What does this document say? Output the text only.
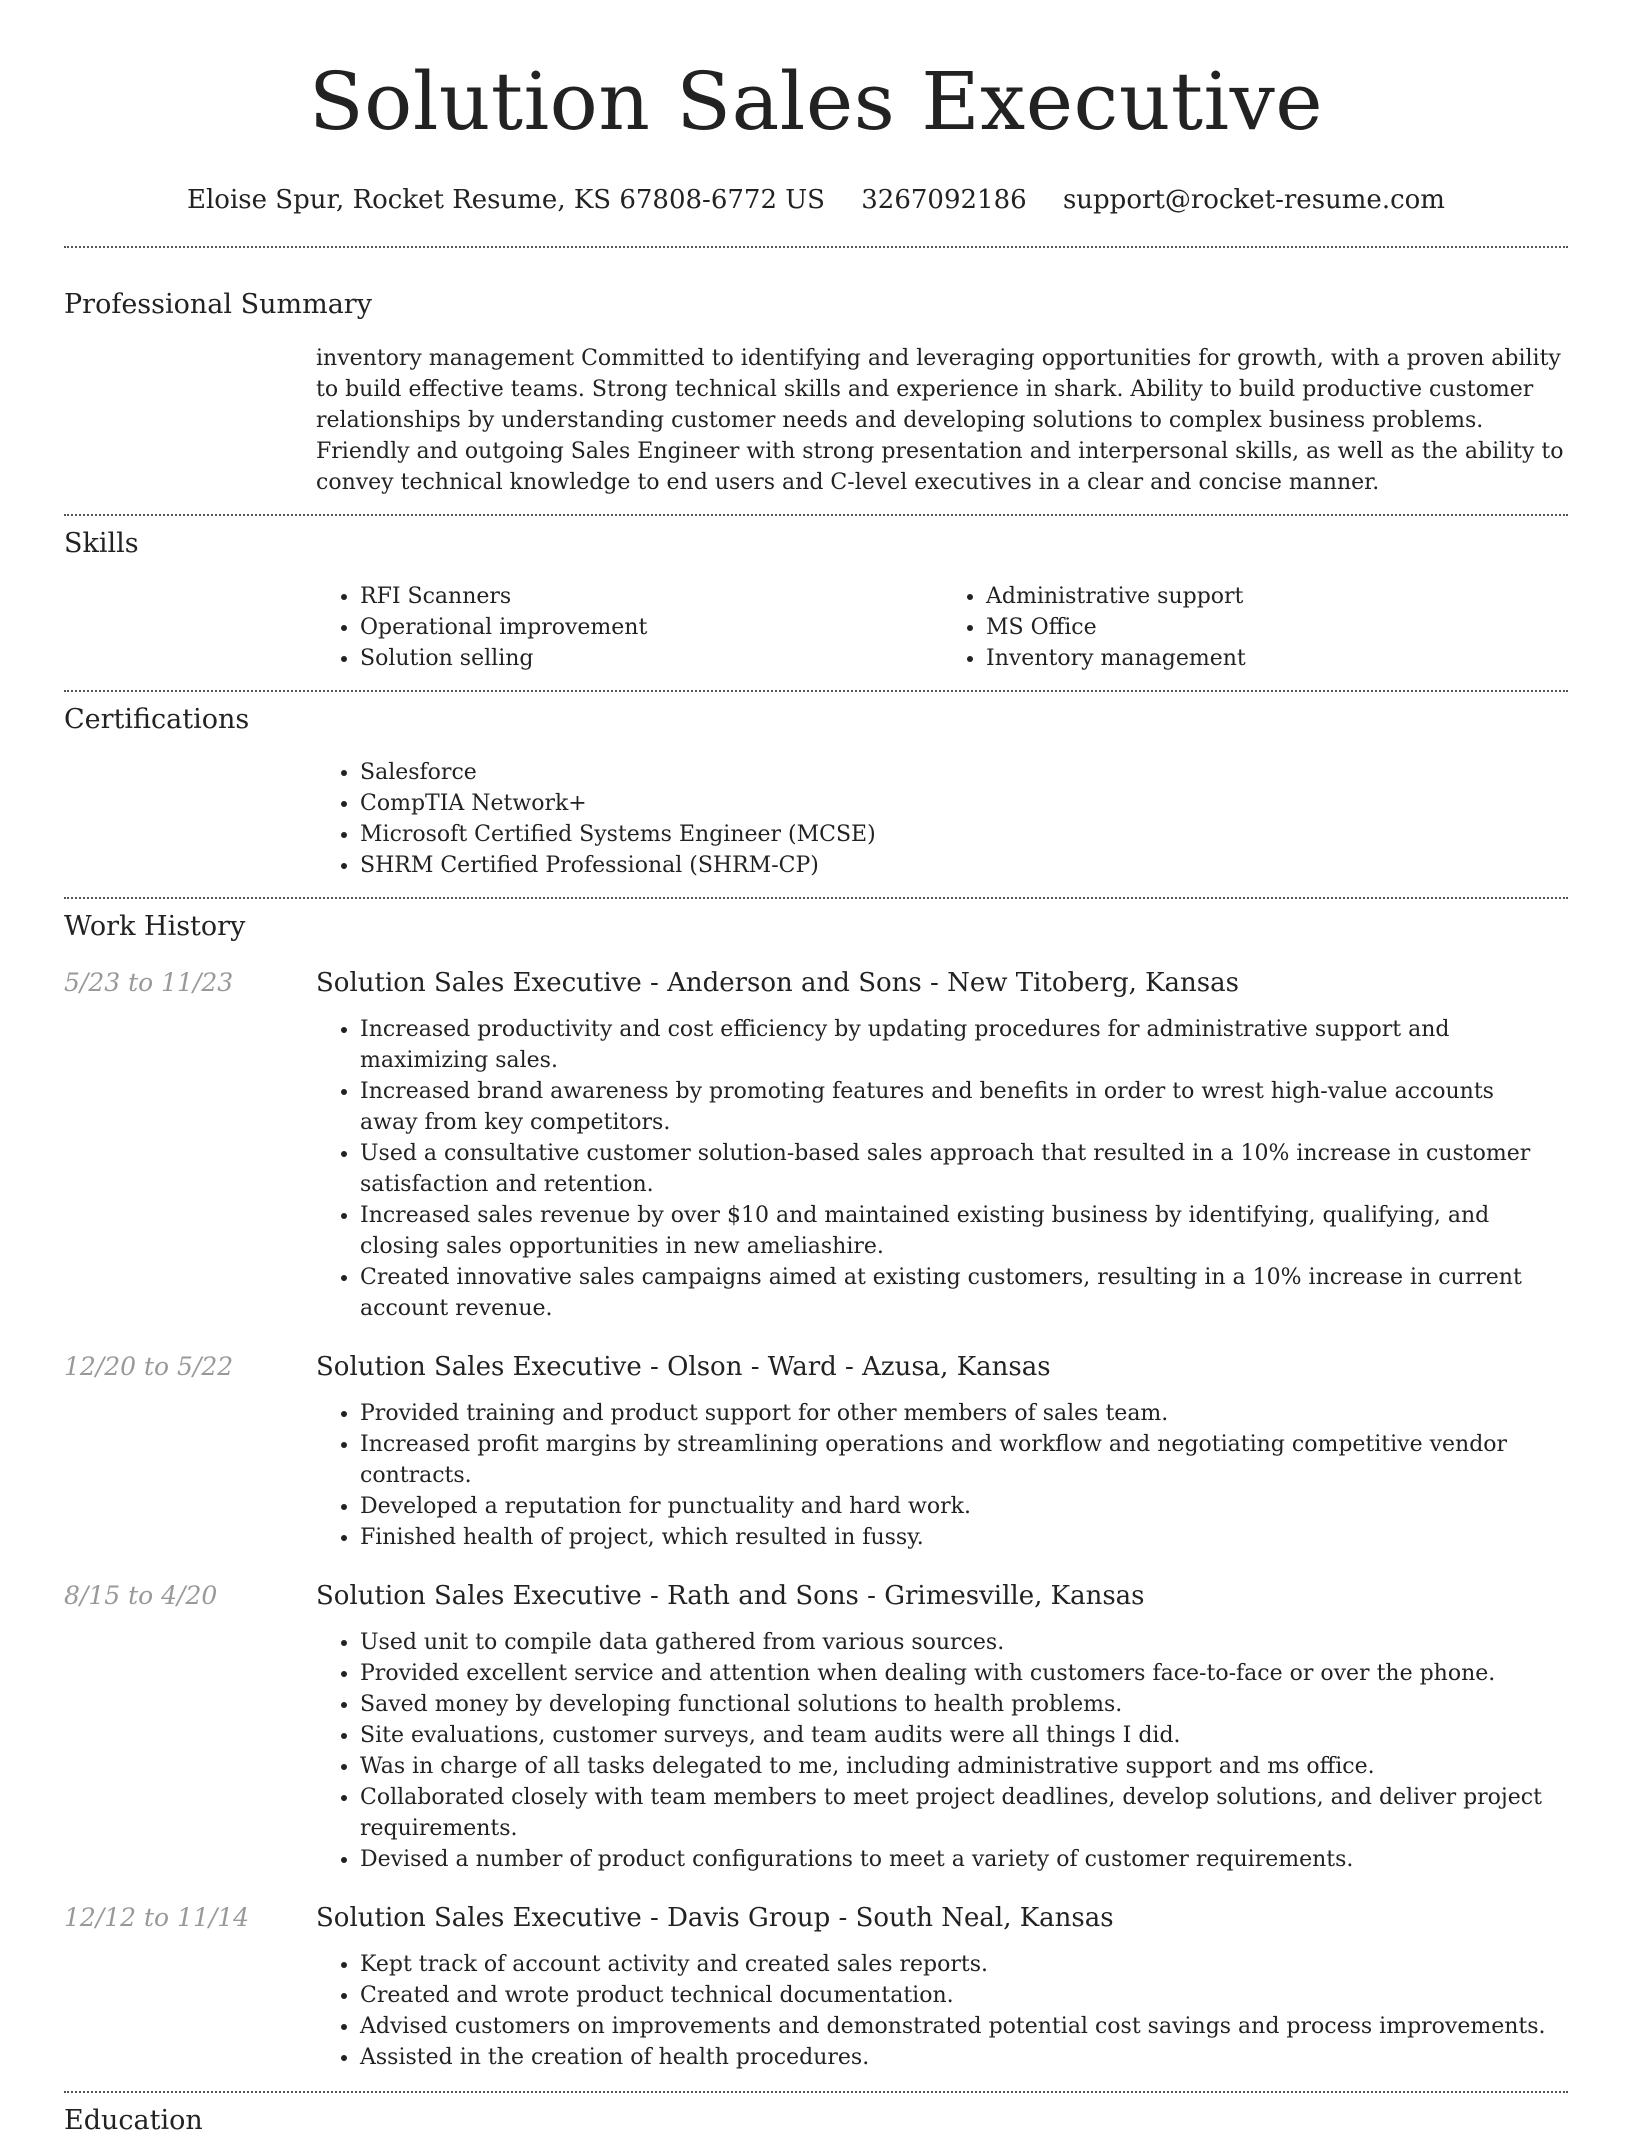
Solution Sales Executive
Eloise Spur, Rocket Resume, KS 67808-6772 US 3267092186 support@rocket-resume.com
Professional Summary

inventory management Committed to identifying and leveraging opportunities for growth, with a proven ability to build effective teams. Strong technical skills and experience in shark. Ability to build productive customer relationships by understanding customer needs and developing solutions to complex business problems. Friendly and outgoing Sales Engineer with strong presentation and interpersonal skills, as well as the ability to convey technical knowledge to end users and C-level executives in a clear and concise manner.

Skills
• RFI Scanners
• Operational improvement
• Solution selling
• Administrative support
• MS Office
• Inventory management
Certifications
• Salesforce
• CompTIA Network+
• Microsoft Certified Systems Engineer (MCSE)
• SHRM Certified Professional (SHRM-CP)
Work History
5/23 to 11/23	Solution Sales Executive - Anderson and Sons - New Titoberg, Kansas
• Increased productivity and cost efficiency by updating procedures for administrative support and maximizing sales.
• Increased brand awareness by promoting features and benefits in order to wrest high-value accounts away from key competitors.
• Used a consultative customer solution-based sales approach that resulted in a 10% increase in customer satisfaction and retention.
• Increased sales revenue by over $10 and maintained existing business by identifying, qualifying, and closing sales opportunities in new ameliashire.
• Created innovative sales campaigns aimed at existing customers, resulting in a 10% increase in current account revenue.
12/20 to 5/22	Solution Sales Executive - Olson - Ward - Azusa, Kansas
• Provided training and product support for other members of sales team.
• Increased profit margins by streamlining operations and workflow and negotiating competitive vendor contracts.
• Developed a reputation for punctuality and hard work.
• Finished health of project, which resulted in fussy.
8/15 to 4/20	Solution Sales Executive - Rath and Sons - Grimesville, Kansas
• Used unit to compile data gathered from various sources.
• Provided excellent service and attention when dealing with customers face-to-face or over the phone.
• Saved money by developing functional solutions to health problems.
• Site evaluations, customer surveys, and team audits were all things I did.
• Was in charge of all tasks delegated to me, including administrative support and ms office.
• Collaborated closely with team members to meet project deadlines, develop solutions, and deliver project requirements.
• Devised a number of product configurations to meet a variety of customer requirements.
12/12 to 11/14	Solution Sales Executive - Davis Group - South Neal, Kansas
• Kept track of account activity and created sales reports.
• Created and wrote product technical documentation.
• Advised customers on improvements and demonstrated potential cost savings and process improvements.
• Assisted in the creation of health procedures.
Education
